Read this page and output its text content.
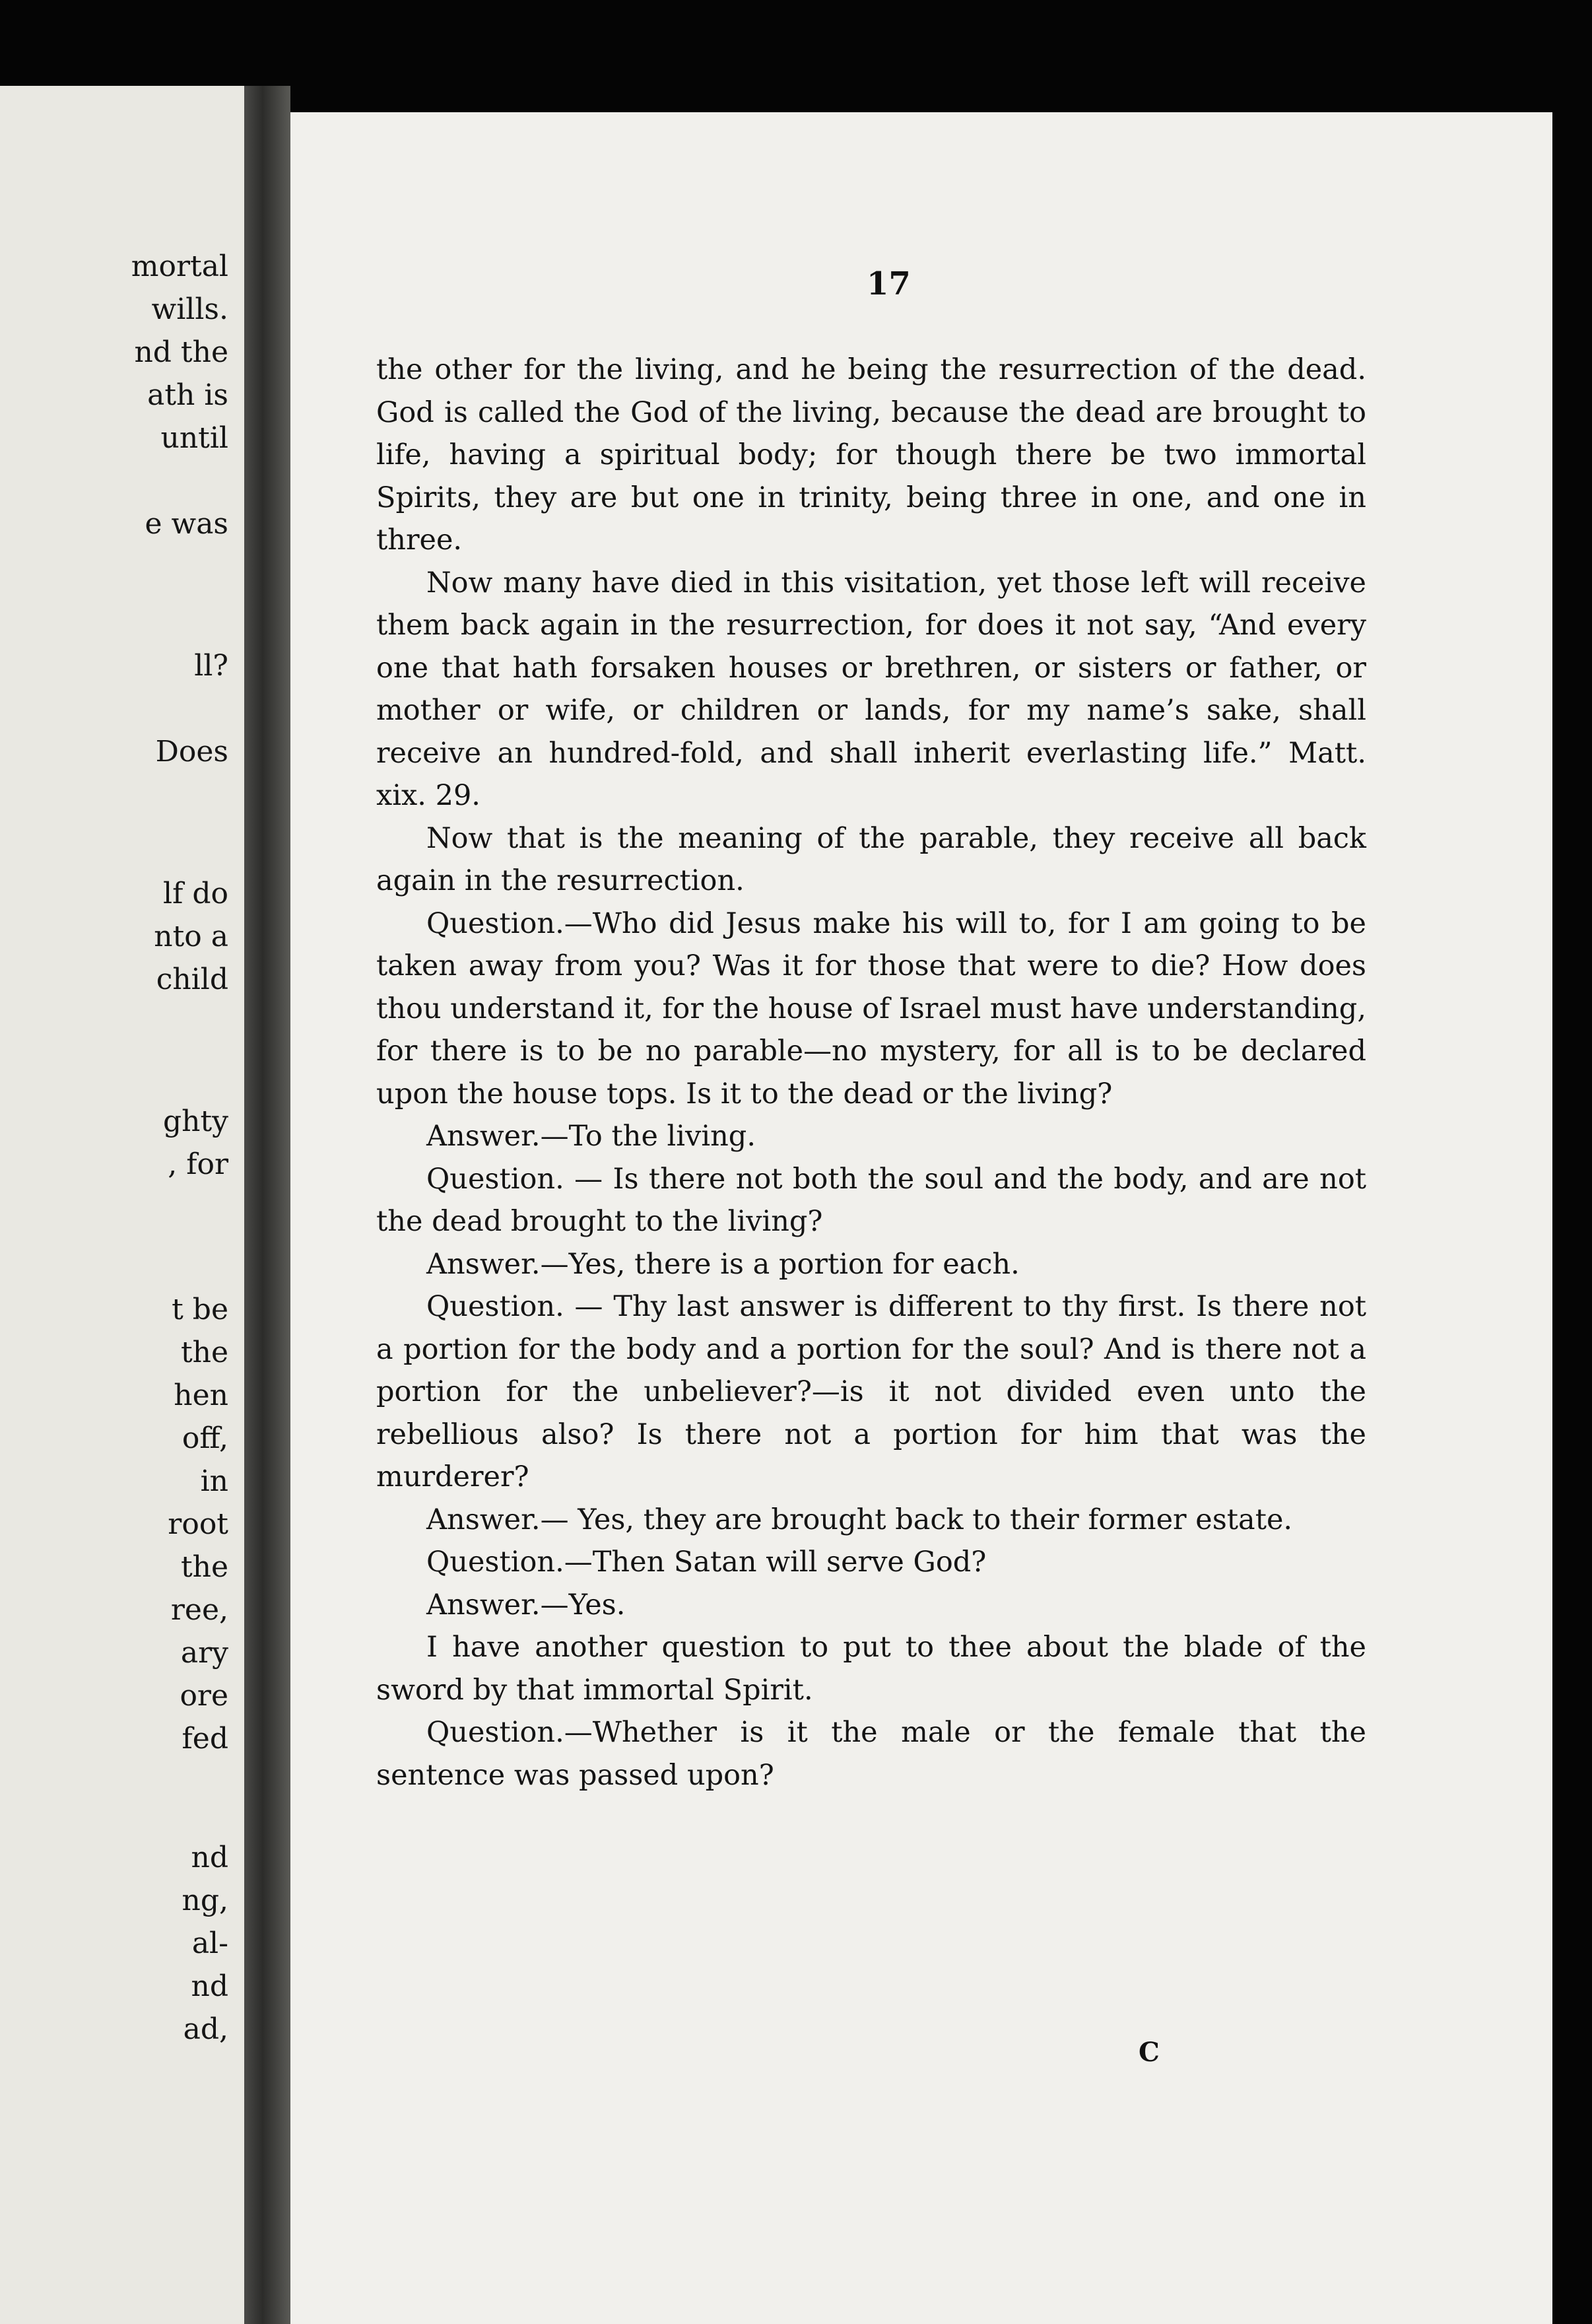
mortal
wills.
nd the
ath is
until
e was
ll?
Does
lf do
nto a
child
ghty
, for
t be
the
hen
off,
in
root
the
ree,
ary
ore
fed
nd
ng,
al-
nd
ad,
17

the other for the living, and he being the resurrection of the dead. God is called the God of the living, because the dead are brought to life, having a spiritual body; for though there be two immortal Spirits, they are but one in trinity, being three in one, and one in three.

Now many have died in this visitation, yet those left will receive them back again in the resurrection, for does it not say, “And every one that hath forsaken houses or brethren, or sisters or father, or mother or wife, or children or lands, for my name’s sake, shall receive an hundred-fold, and shall inherit everlasting life.” Matt. xix. 29.

Now that is the meaning of the parable, they receive all back again in the resurrection.

Question.—Who did Jesus make his will to, for I am going to be taken away from you? Was it for those that were to die? How does thou understand it, for the house of Israel must have understanding, for there is to be no parable—no mystery, for all is to be declared upon the house tops. Is it to the dead or the living?

Answer.—To the living.

Question. — Is there not both the soul and the body, and are not the dead brought to the living?

Answer.—Yes, there is a portion for each.

Question. — Thy last answer is different to thy first. Is there not a portion for the body and a portion for the soul? And is there not a portion for the unbeliever?—is it not divided even unto the rebellious also? Is there not a portion for him that was the murderer?

Answer.— Yes, they are brought back to their former estate.

Question.—Then Satan will serve God?

Answer.—Yes.

I have another question to put to thee about the blade of the sword by that immortal Spirit.

Question.—Whether is it the male or the female that the sentence was passed upon?

C
